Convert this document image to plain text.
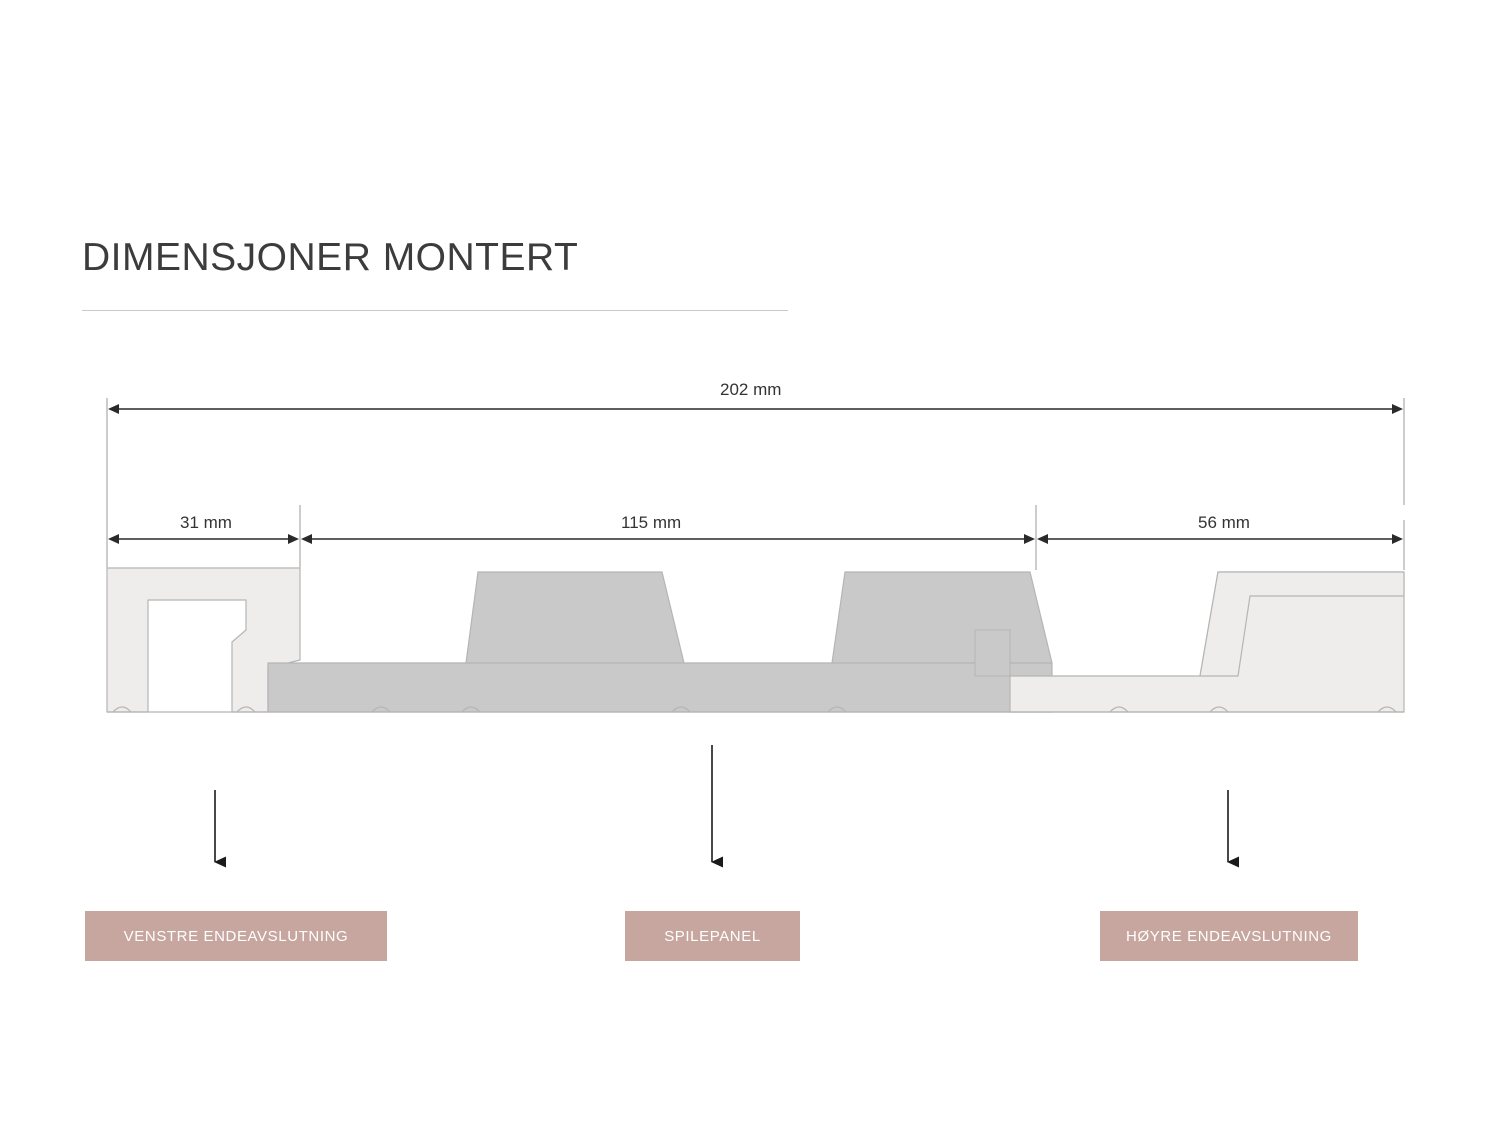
DIMENSJONER MONTERT
202 mm
31 mm	115 mm	56 mm
VENSTRE ENDEAVSLUTNING	SPILEPANEL	HØYRE ENDEAVSLUTNING
